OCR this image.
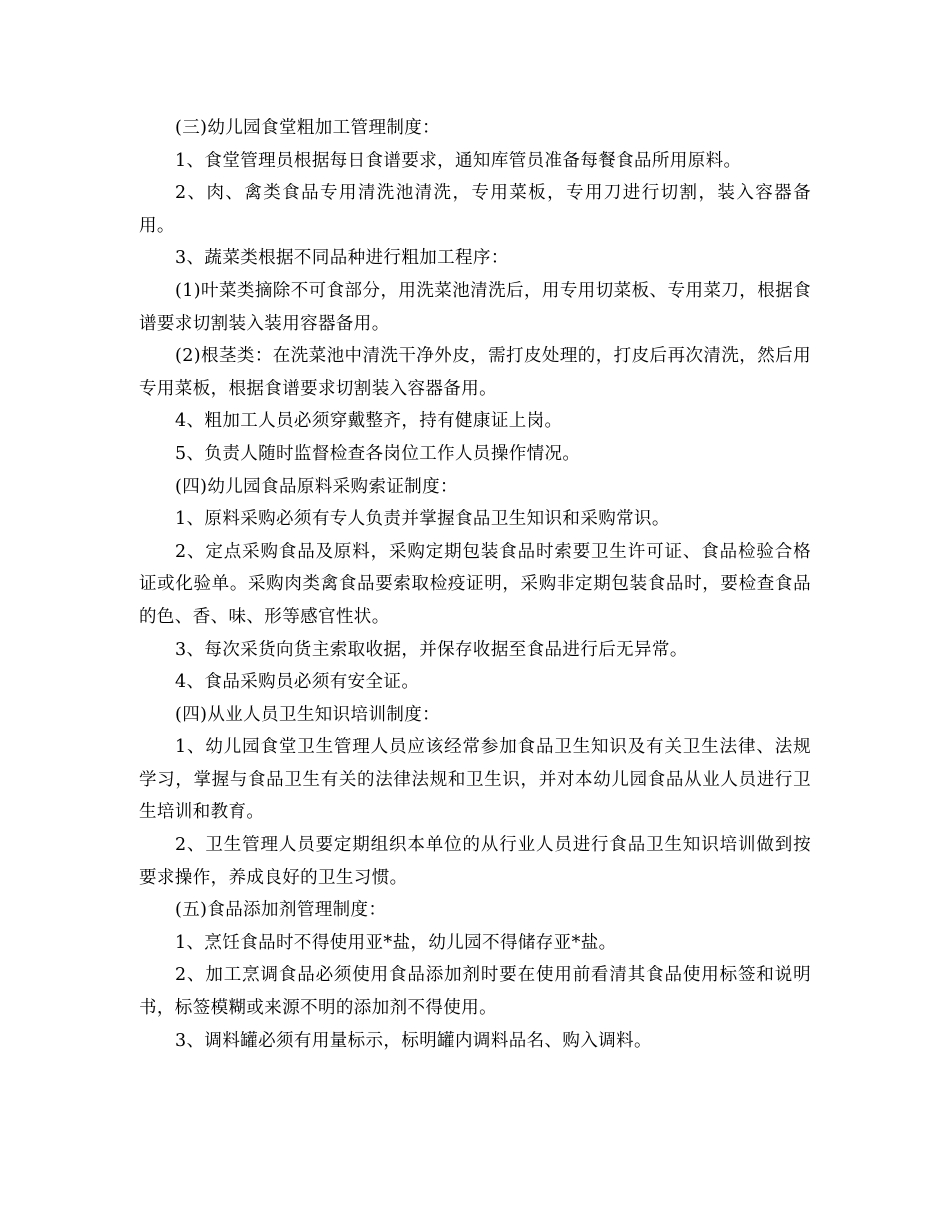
(三)幼儿园食堂粗加工管理制度：

1、食堂管理员根据每日食谱要求，通知库管员准备每餐食品所用原料。

2、肉、禽类食品专用清洗池清洗，专用菜板，专用刀进行切割，装入容器备用。

3、蔬菜类根据不同品种进行粗加工程序：

(1)叶菜类摘除不可食部分，用洗菜池清洗后，用专用切菜板、专用菜刀，根据食谱要求切割装入装用容器备用。

(2)根茎类：在洗菜池中清洗干净外皮，需打皮处理的，打皮后再次清洗，然后用专用菜板，根据食谱要求切割装入容器备用。

4、粗加工人员必须穿戴整齐，持有健康证上岗。

5、负责人随时监督检查各岗位工作人员操作情况。

(四)幼儿园食品原料采购索证制度：

1、原料采购必须有专人负责并掌握食品卫生知识和采购常识。

2、定点采购食品及原料，采购定期包装食品时索要卫生许可证、食品检验合格证或化验单。采购肉类禽食品要索取检疫证明，采购非定期包装食品时，要检查食品的色、香、味、形等感官性状。

3、每次采货向货主索取收据，并保存收据至食品进行后无异常。

4、食品采购员必须有安全证。

(四)从业人员卫生知识培训制度：

1、幼儿园食堂卫生管理人员应该经常参加食品卫生知识及有关卫生法律、法规学习，掌握与食品卫生有关的法律法规和卫生识，并对本幼儿园食品从业人员进行卫生培训和教育。

2、卫生管理人员要定期组织本单位的从行业人员进行食品卫生知识培训做到按要求操作，养成良好的卫生习惯。

(五)食品添加剂管理制度：

1、烹饪食品时不得使用亚*盐，幼儿园不得储存亚*盐。

2、加工烹调食品必须使用食品添加剂时要在使用前看清其食品使用标签和说明书，标签模糊或来源不明的添加剂不得使用。

3、调料罐必须有用量标示，标明罐内调料品名、购入调料。
